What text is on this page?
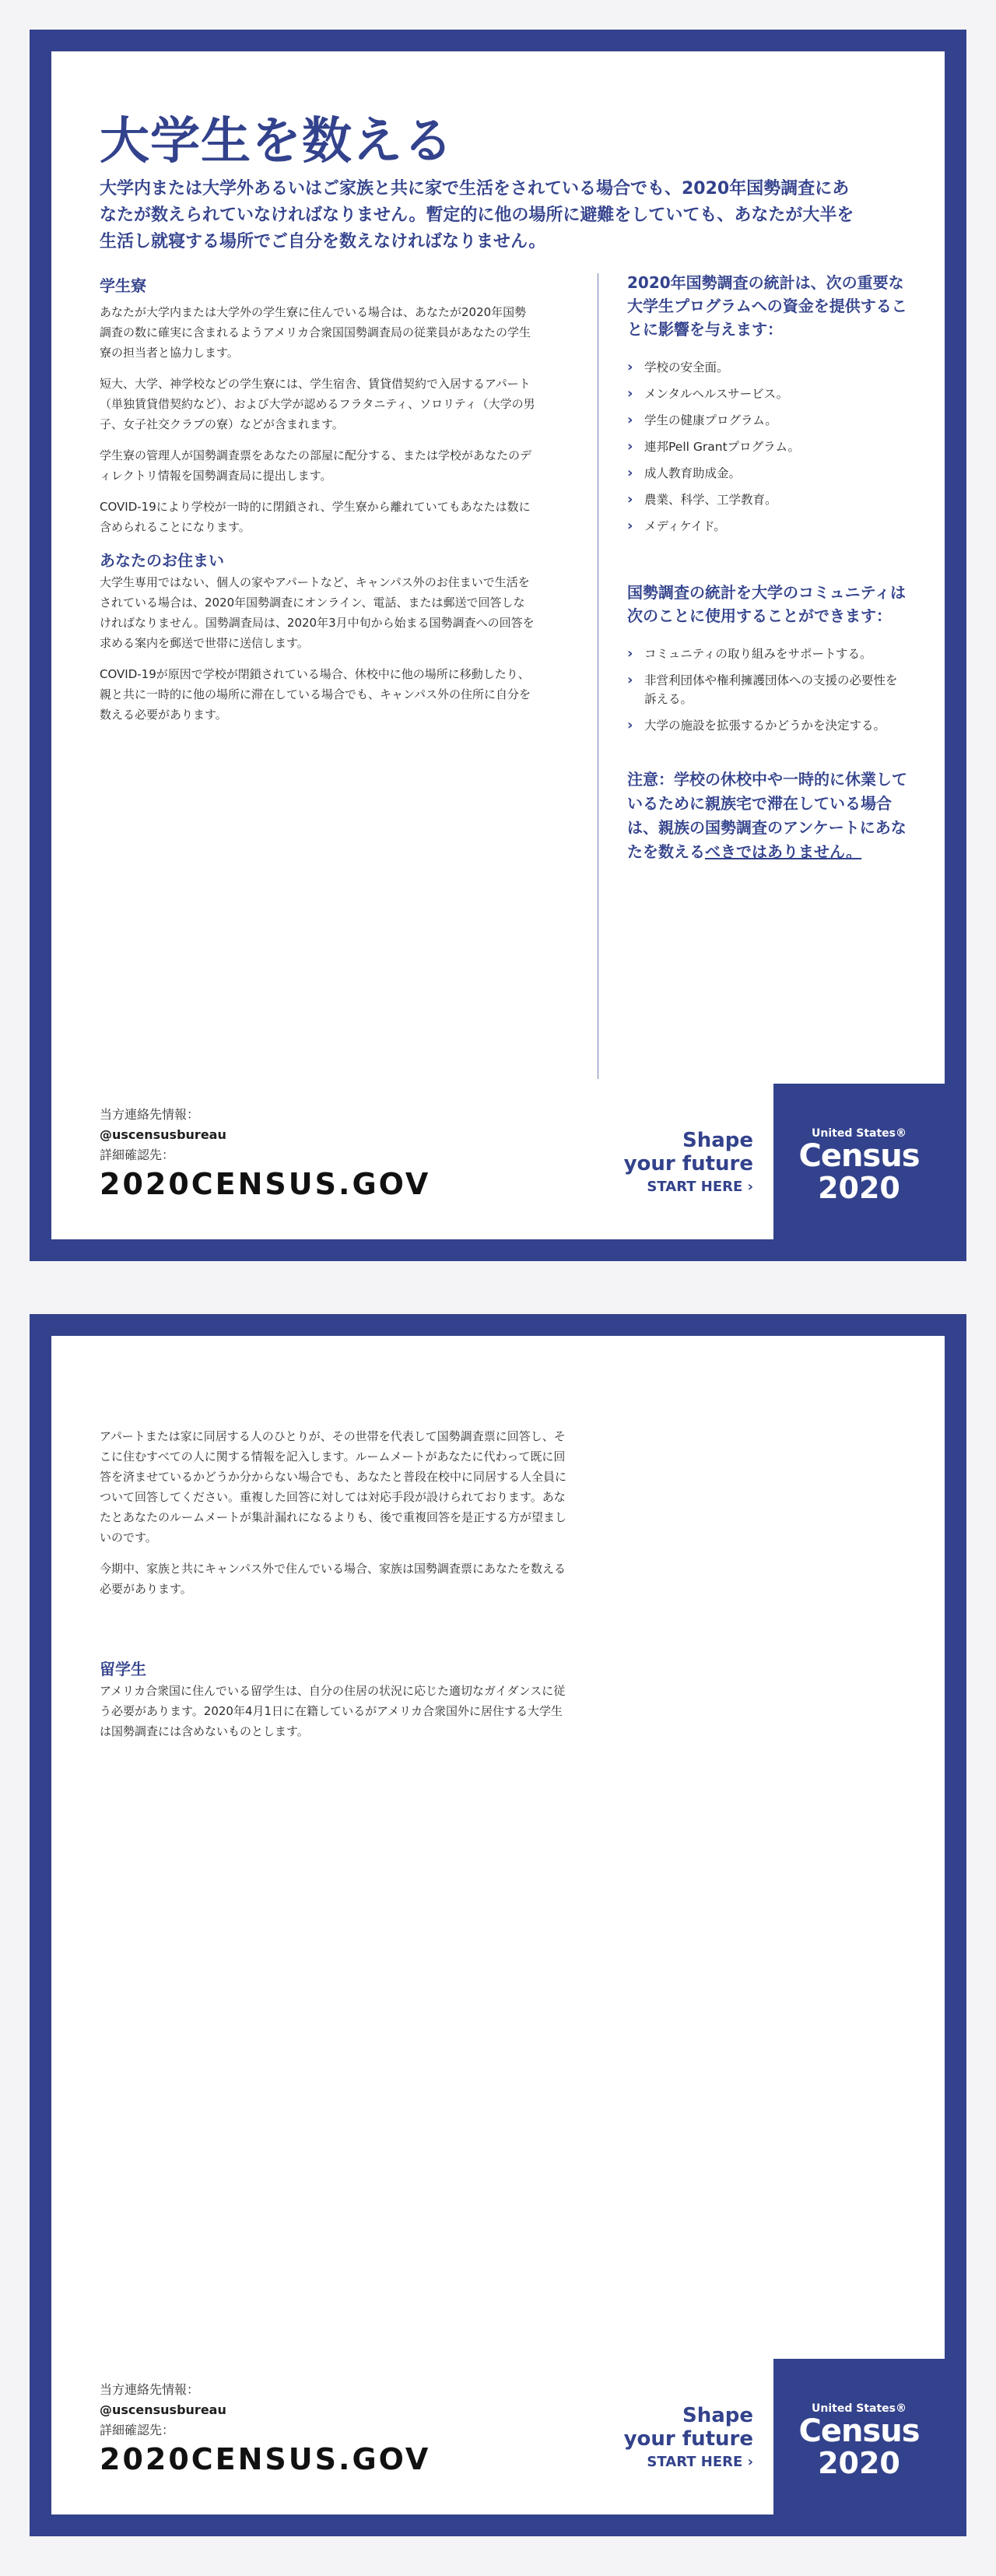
大学生を数える
大学内または大学外あるいはご家族と共に家で生活をされている場合でも、2020年国勢調査にあなたが数えられていなければなりません。暫定的に他の場所に避難をしていても、あなたが大半を生活し就寝する場所でご自分を数えなければなりません。
学生寮

あなたが大学内または大学外の学生寮に住んでいる場合は、あなたが2020年国勢調査の数に確実に含まれるようアメリカ合衆国国勢調査局の従業員があなたの学生寮の担当者と協力します。

短大、大学、神学校などの学生寮には、学生宿舎、賃貸借契約で入居するアパート（単独賃貸借契約など）、および大学が認めるフラタニティ、ソロリティ（大学の男子、女子社交クラブの寮）などが含まれます。

学生寮の管理人が国勢調査票をあなたの部屋に配分する、または学校があなたのディレクトリ情報を国勢調査局に提出します。

COVID-19により学校が一時的に閉鎖され、学生寮から離れていてもあなたは数に含められることになります。

あなたのお住まい

大学生専用ではない、個人の家やアパートなど、キャンパス外のお住まいで生活をされている場合は、2020年国勢調査にオンライン、電話、または郵送で回答しなければなりません。国勢調査局は、2020年3月中旬から始まる国勢調査への回答を求める案内を郵送で世帯に送信します。

COVID-19が原因で学校が閉鎖されている場合、休校中に他の場所に移動したり、親と共に一時的に他の場所に滞在している場合でも、キャンパス外の住所に自分を数える必要があります。

2020年国勢調査の統計は、次の重要な大学生プログラムへの資金を提供することに影響を与えます：
› 学校の安全面。
› メンタルヘルスサービス。
› 学生の健康プログラム。
› 連邦Pell Grantプログラム。
› 成人教育助成金。
› 農業、科学、工学教育。
› メディケイド。
国勢調査の統計を大学のコミュニティは次のことに使用することができます：
› コミュニティの取り組みをサポートする。
› 非営利団体や権利擁護団体への支援の必要性を訴える。
› 大学の施設を拡張するかどうかを決定する。
注意：学校の休校中や一時的に休業しているために親族宅で滞在している場合は、親族の国勢調査のアンケートにあなたを数えるべきではありません。
当方連絡先情報：
@uscensusbureau
詳細確認先：
2020CENSUS.GOV
Shape
your future
START HERE ›
United States®
Census
2020

アパートまたは家に同居する人のひとりが、その世帯を代表して国勢調査票に回答し、そこに住むすべての人に関する情報を記入します。ルームメートがあなたに代わって既に回答を済ませているかどうか分からない場合でも、あなたと普段在校中に同居する人全員について回答してください。重複した回答に対しては対応手段が設けられております。あなたとあなたのルームメートが集計漏れになるよりも、後で重複回答を是正する方が望ましいのです。

今期中、家族と共にキャンパス外で住んでいる場合、家族は国勢調査票にあなたを数える必要があります。

留学生

アメリカ合衆国に住んでいる留学生は、自分の住居の状況に応じた適切なガイダンスに従う必要があります。2020年4月1日に在籍しているがアメリカ合衆国外に居住する大学生は国勢調査には含めないものとします。

当方連絡先情報：
@uscensusbureau
詳細確認先：
2020CENSUS.GOV
Shape
your future
START HERE ›
United States®
Census
2020
